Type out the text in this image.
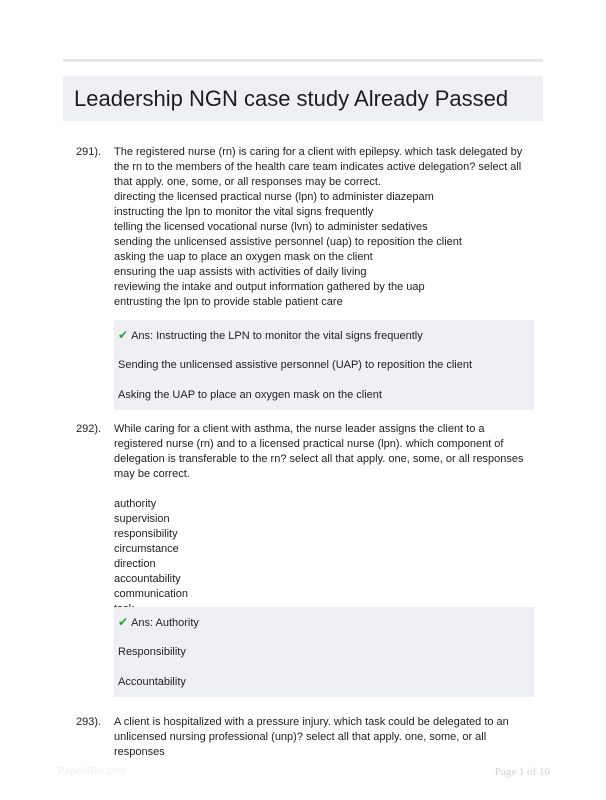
Leadership NGN case study Already Passed
291). The registered nurse (rn) is caring for a client with epilepsy. which task delegated by the rn to the members of the health care team indicates active delegation? select all that apply. one, some, or all responses may be correct.

directing the licensed practical nurse (lpn) to administer diazepam

instructing the lpn to monitor the vital signs frequently

telling the licensed vocational nurse (lvn) to administer sedatives

sending the unlicensed assistive personnel (uap) to reposition the client

asking the uap to place an oxygen mask on the client

ensuring the uap assists with activities of daily living

reviewing the intake and output information gathered by the uap

entrusting the lpn to provide stable patient care

✔ Ans: Instructing the LPN to monitor the vital signs frequently
Sending the unlicensed assistive personnel (UAP) to reposition the client
Asking the UAP to place an oxygen mask on the client
292). While caring for a client with asthma, the nurse leader assigns the client to a registered nurse (rn) and to a licensed practical nurse (lpn). which component of delegation is transferable to the rn? select all that apply. one, some, or all responses may be correct.

authority

supervision

responsibility

circumstance

direction

accountability

communication

✔ Ans: Authority
Responsibility
Accountability
293). A client is hospitalized with a pressure injury. which task could be delegated to an unlicensed nursing professional (unp)? select all that apply. one, some, or all responses

Paper9Bic.com	Page 1 of 10
